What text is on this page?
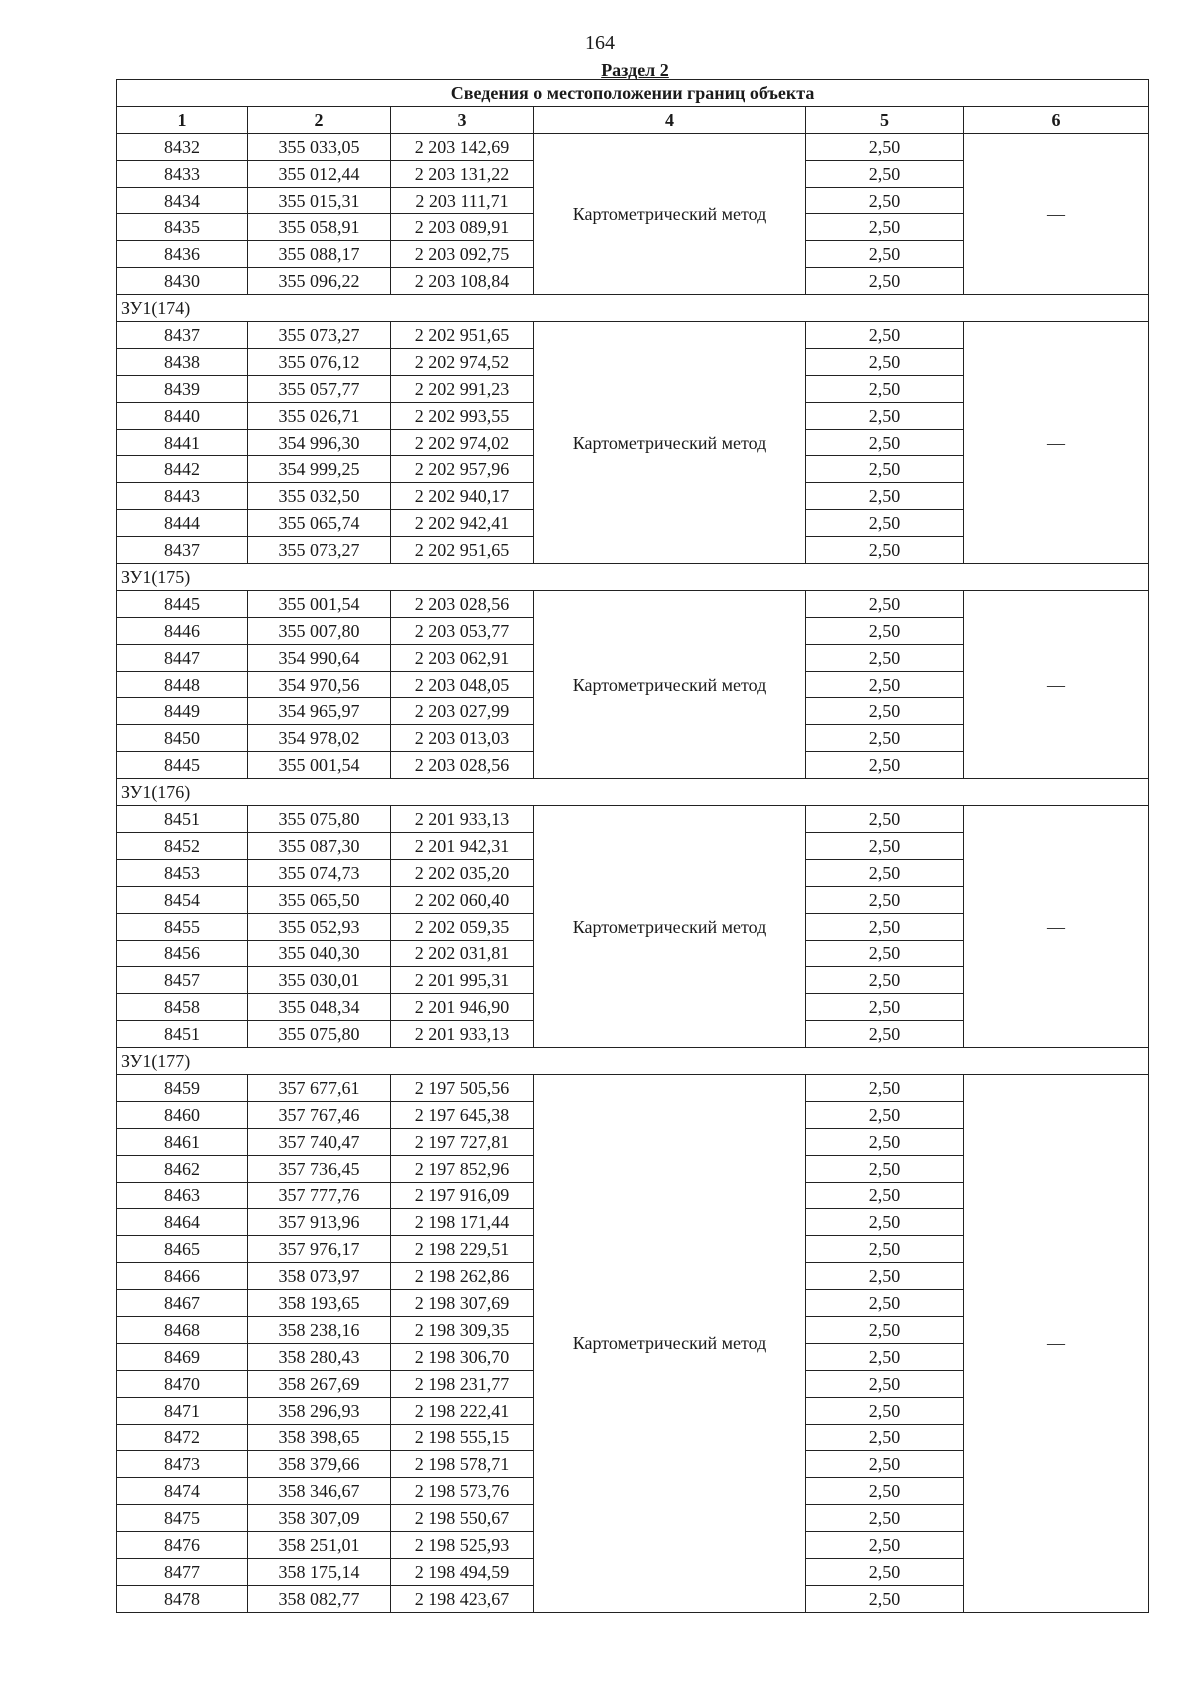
164
Раздел 2
Сведения о местоположении границ объекта					
1	2	3	4	5	6
8432	355 033,05	2 203 142,69	Картометрический метод	2,50	—
8433	355 012,44	2 203 131,22		2,50	
8434	355 015,31	2 203 111,71		2,50	
8435	355 058,91	2 203 089,91		2,50	
8436	355 088,17	2 203 092,75		2,50	
8430	355 096,22	2 203 108,84		2,50	
ЗУ1(174)					
8437	355 073,27	2 202 951,65	Картометрический метод	2,50	—
8438	355 076,12	2 202 974,52		2,50	
8439	355 057,77	2 202 991,23		2,50	
8440	355 026,71	2 202 993,55		2,50	
8441	354 996,30	2 202 974,02		2,50	
8442	354 999,25	2 202 957,96		2,50	
8443	355 032,50	2 202 940,17		2,50	
8444	355 065,74	2 202 942,41		2,50	
8437	355 073,27	2 202 951,65		2,50	
ЗУ1(175)					
8445	355 001,54	2 203 028,56	Картометрический метод	2,50	—
8446	355 007,80	2 203 053,77		2,50	
8447	354 990,64	2 203 062,91		2,50	
8448	354 970,56	2 203 048,05		2,50	
8449	354 965,97	2 203 027,99		2,50	
8450	354 978,02	2 203 013,03		2,50	
8445	355 001,54	2 203 028,56		2,50	
ЗУ1(176)					
8451	355 075,80	2 201 933,13	Картометрический метод	2,50	—
8452	355 087,30	2 201 942,31		2,50	
8453	355 074,73	2 202 035,20		2,50	
8454	355 065,50	2 202 060,40		2,50	
8455	355 052,93	2 202 059,35		2,50	
8456	355 040,30	2 202 031,81		2,50	
8457	355 030,01	2 201 995,31		2,50	
8458	355 048,34	2 201 946,90		2,50	
8451	355 075,80	2 201 933,13		2,50	
ЗУ1(177)					
8459	357 677,61	2 197 505,56	Картометрический метод	2,50	—
8460	357 767,46	2 197 645,38		2,50	
8461	357 740,47	2 197 727,81		2,50	
8462	357 736,45	2 197 852,96		2,50	
8463	357 777,76	2 197 916,09		2,50	
8464	357 913,96	2 198 171,44		2,50	
8465	357 976,17	2 198 229,51		2,50	
8466	358 073,97	2 198 262,86		2,50	
8467	358 193,65	2 198 307,69		2,50	
8468	358 238,16	2 198 309,35		2,50	
8469	358 280,43	2 198 306,70		2,50	
8470	358 267,69	2 198 231,77		2,50	
8471	358 296,93	2 198 222,41		2,50	
8472	358 398,65	2 198 555,15		2,50	
8473	358 379,66	2 198 578,71		2,50	
8474	358 346,67	2 198 573,76		2,50	
8475	358 307,09	2 198 550,67		2,50	
8476	358 251,01	2 198 525,93		2,50	
8477	358 175,14	2 198 494,59		2,50	
8478	358 082,77	2 198 423,67		2,50	
